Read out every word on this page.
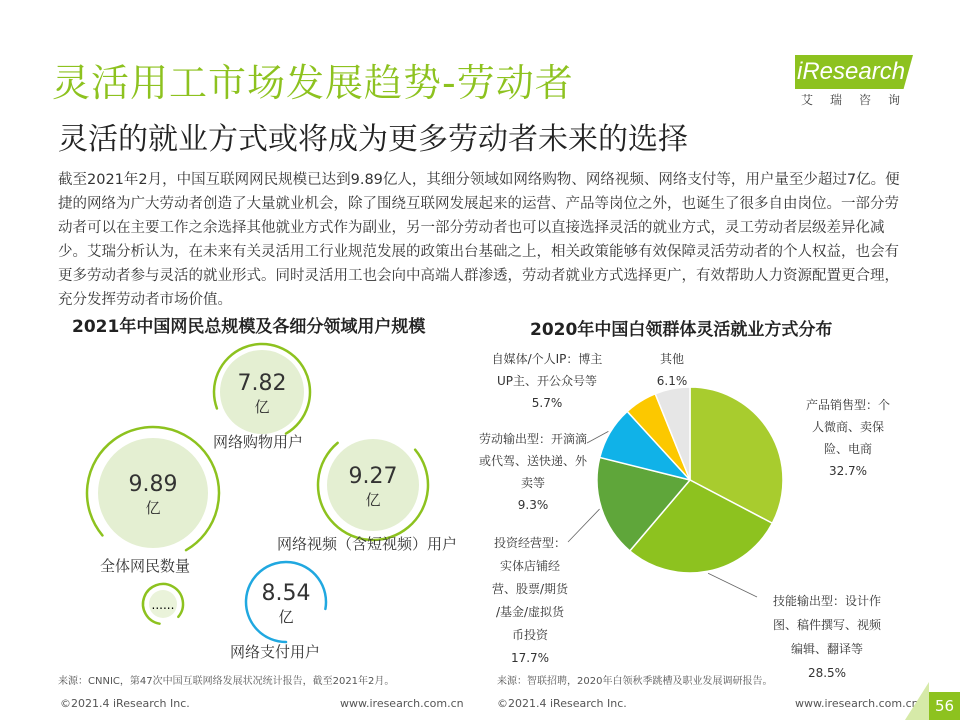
灵活用工市场发展趋势-劳动者
灵活的就业方式或将成为更多劳动者未来的选择
iResearch
艾瑞咨询
截至2021年2月，中国互联网网民规模已达到9.89亿人，其细分领域如网络购物、网络视频、网络支付等，用户量至少超过7亿。便捷的网络为广大劳动者创造了大量就业机会，除了围绕互联网发展起来的运营、产品等岗位之外，也诞生了很多自由岗位。一部分劳动者可以在主要工作之余选择其他就业方式作为副业，另一部分劳动者也可以直接选择灵活的就业方式，灵工劳动者层级差异化减少。艾瑞分析认为，在未来有关灵活用工行业规范发展的政策出台基础之上，相关政策能够有效保障灵活劳动者的个人权益，也会有更多劳动者参与灵活的就业形式。同时灵活用工也会向中高端人群渗透，劳动者就业方式选择更广，有效帮助人力资源配置更合理，充分发挥劳动者市场价值。
2021年中国网民总规模及各细分领域用户规模	2020年中国白领群体灵活就业方式分布
7.82
亿
网络购物用户
9.89
亿
全体网民数量
9.27
亿
网络视频（含短视频）用户
8.54
亿
网络支付用户
......
产品销售型：个
人微商、卖保
险、电商
32.7%
技能输出型：设计作
图、稿件撰写、视频
编辑、翻译等
28.5%
投资经营型：
实体店铺经
营、股票/期货
/基金/虚拟货
币投资
17.7%
劳动输出型：开滴滴
或代驾、送快递、外
卖等
9.3%
自媒体/个人IP：博主
UP主、开公众号等
5.7%
其他
6.1%
来源：CNNIC，第47次中国互联网络发展状况统计报告，截至2021年2月。	来源：智联招聘，2020年白领秋季跳槽及职业发展调研报告。
©2021.4 iResearch Inc.	www.iresearch.com.cn	©2021.4 iResearch Inc.	www.iresearch.com.cn	56
